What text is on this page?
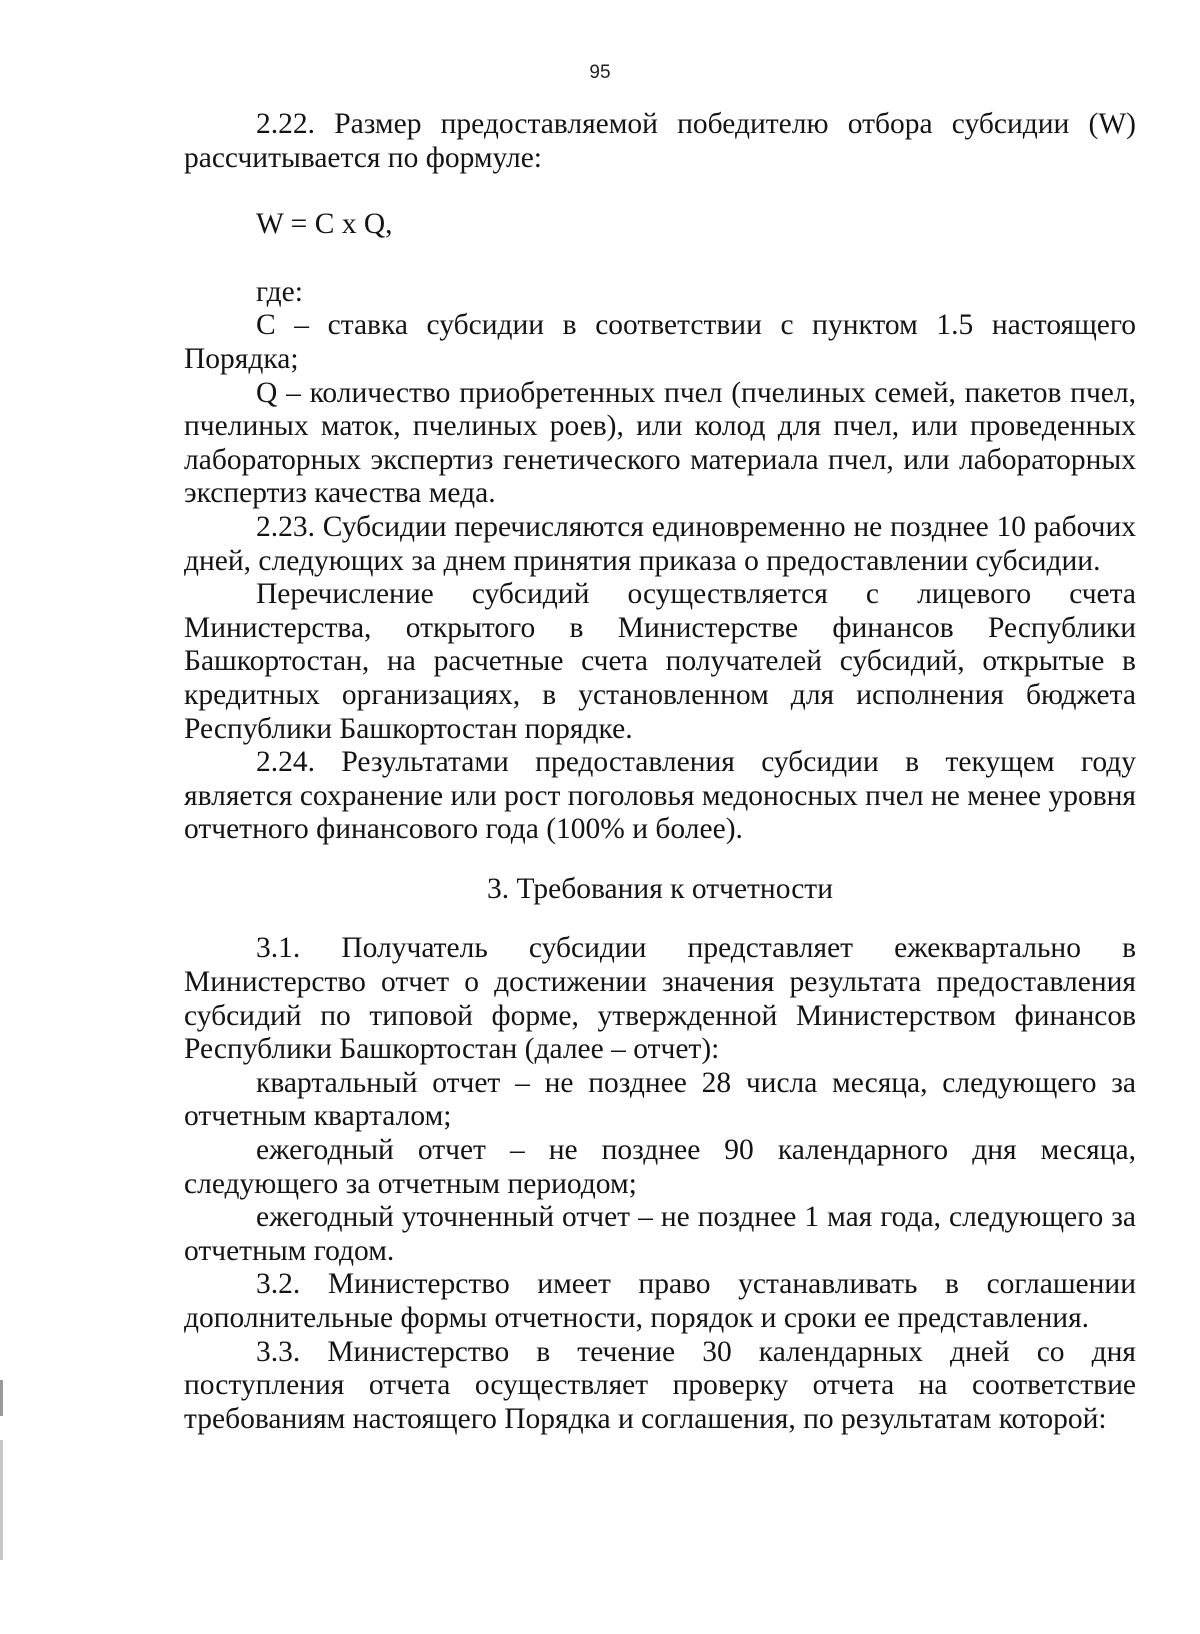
95

2.22. Размер предоставляемой победителю отбора субсидии (W) рассчитывается по формуле:

W = C x Q,

где:

C – ставка субсидии в соответствии с пунктом 1.5 настоящего Порядка;

Q – количество приобретенных пчел (пчелиных семей, пакетов пчел, пчелиных маток, пчелиных роев), или колод для пчел, или проведенных лабораторных экспертиз генетического материала пчел, или лабораторных экспертиз качества меда.

2.23. Субсидии перечисляются единовременно не позднее 10 рабочих дней, следующих за днем принятия приказа о предоставлении субсидии.

Перечисление субсидий осуществляется с лицевого счета Министерства, открытого в Министерстве финансов Республики Башкортостан, на расчетные счета получателей субсидий, открытые в кредитных организациях, в установленном для исполнения бюджета Республики Башкортостан порядке.

2.24. Результатами предоставления субсидии в текущем году является сохранение или рост поголовья медоносных пчел не менее уровня отчетного финансового года (100% и более).

3. Требования к отчетности

3.1. Получатель субсидии представляет ежеквартально в Министерство отчет о достижении значения результата предоставления субсидий по типовой форме, утвержденной Министерством финансов Республики Башкортостан (далее – отчет):

квартальный отчет – не позднее 28 числа месяца, следующего за отчетным кварталом;

ежегодный отчет – не позднее 90 календарного дня месяца, следующего за отчетным периодом;

ежегодный уточненный отчет – не позднее 1 мая года, следующего за отчетным годом.

3.2. Министерство имеет право устанавливать в соглашении дополнительные формы отчетности, порядок и сроки ее представления.

3.3. Министерство в течение 30 календарных дней со дня поступления отчета осуществляет проверку отчета на соответствие требованиям настоящего Порядка и соглашения, по результатам которой:
